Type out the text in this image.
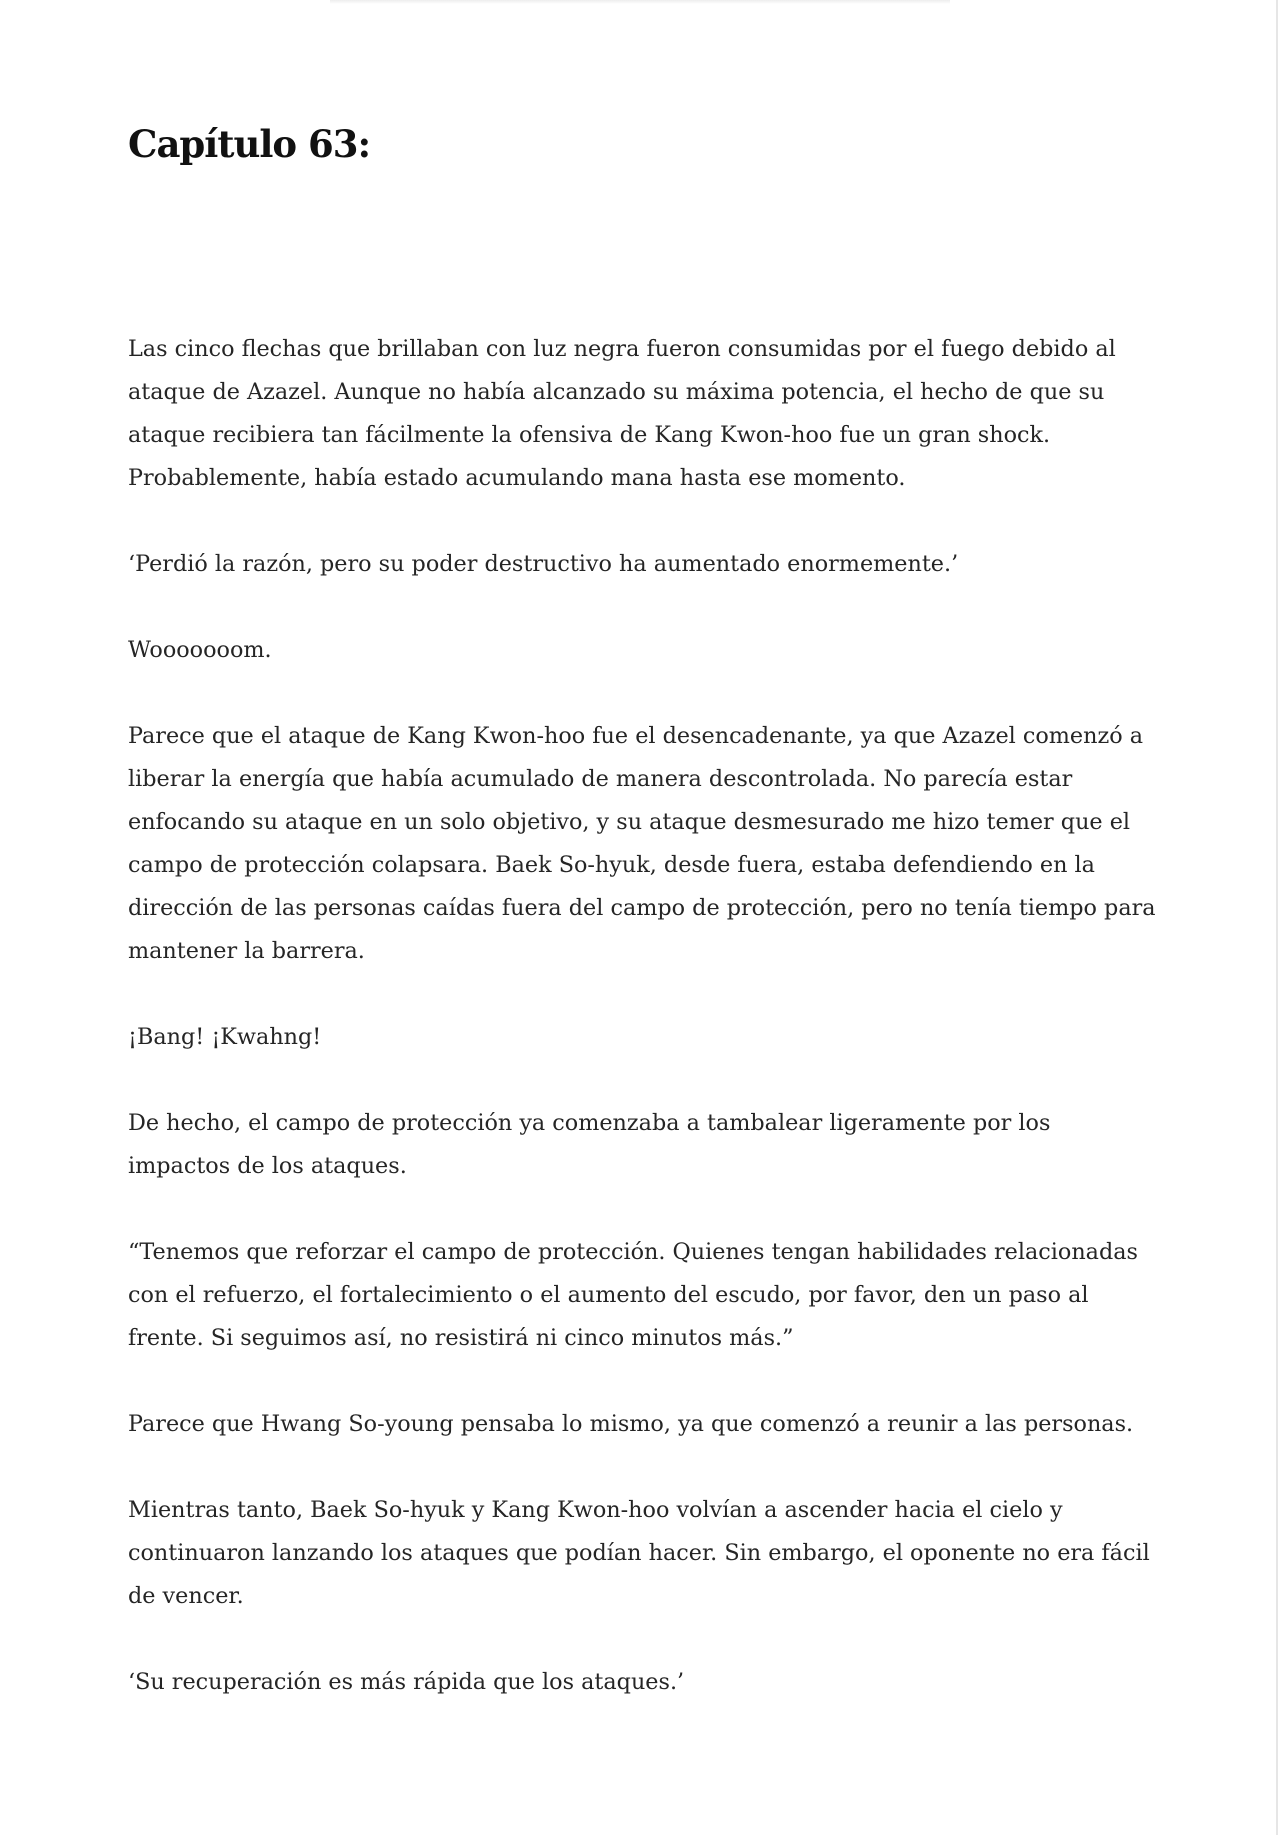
Capítulo 63:

Las cinco flechas que brillaban con luz negra fueron consumidas por el fuego debido al ataque de Azazel. Aunque no había alcanzado su máxima potencia, el hecho de que su ataque recibiera tan fácilmente la ofensiva de Kang Kwon-hoo fue un gran shock. Probablemente, había estado acumulando mana hasta ese momento.

‘Perdió la razón, pero su poder destructivo ha aumentado enormemente.’

Wooooooom.

Parece que el ataque de Kang Kwon-hoo fue el desencadenante, ya que Azazel comenzó a liberar la energía que había acumulado de manera descontrolada. No parecía estar enfocando su ataque en un solo objetivo, y su ataque desmesurado me hizo temer que el campo de protección colapsara. Baek So-hyuk, desde fuera, estaba defendiendo en la dirección de las personas caídas fuera del campo de protección, pero no tenía tiempo para mantener la barrera.

¡Bang! ¡Kwahng!

De hecho, el campo de protección ya comenzaba a tambalear ligeramente por los impactos de los ataques.

“Tenemos que reforzar el campo de protección. Quienes tengan habilidades relacionadas con el refuerzo, el fortalecimiento o el aumento del escudo, por favor, den un paso al frente. Si seguimos así, no resistirá ni cinco minutos más.”

Parece que Hwang So-young pensaba lo mismo, ya que comenzó a reunir a las personas.

Mientras tanto, Baek So-hyuk y Kang Kwon-hoo volvían a ascender hacia el cielo y continuaron lanzando los ataques que podían hacer. Sin embargo, el oponente no era fácil de vencer.

‘Su recuperación es más rápida que los ataques.’
